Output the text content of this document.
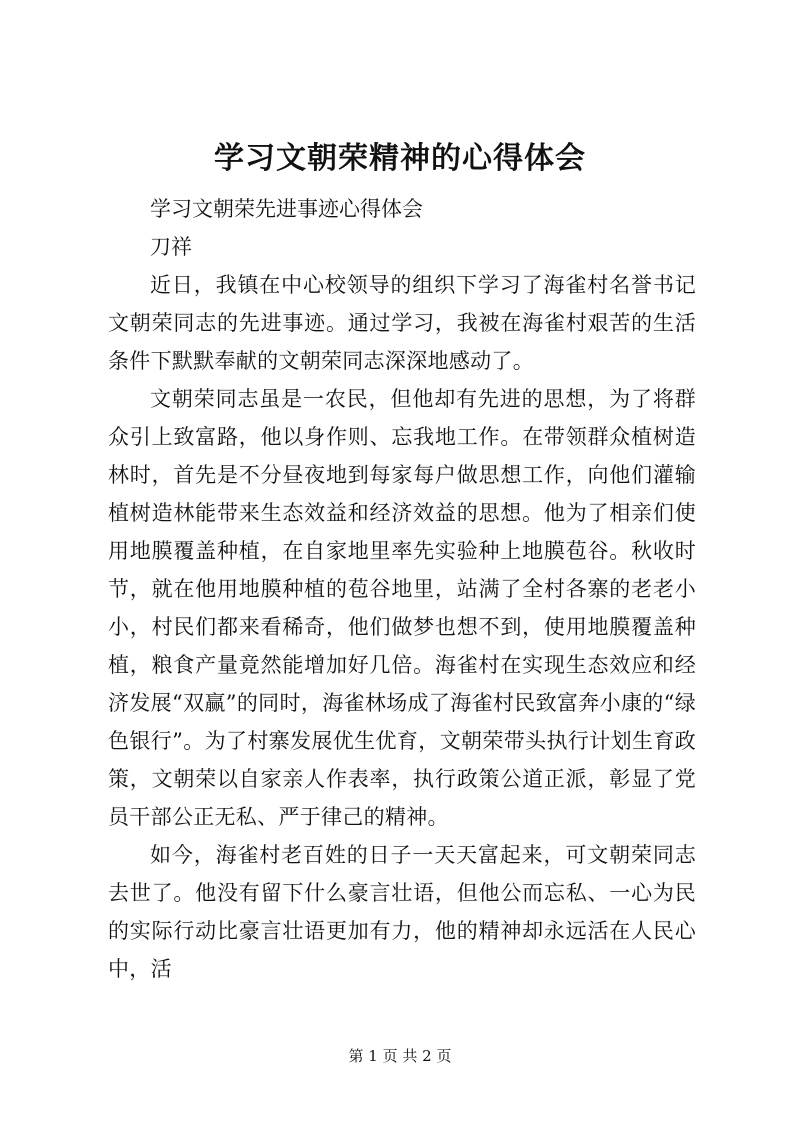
学习文朝荣精神的心得体会

学习文朝荣先进事迹心得体会

刀祥

近日，我镇在中心校领导的组织下学习了海雀村名誉书记文朝荣同志的先进事迹。通过学习，我被在海雀村艰苦的生活条件下默默奉献的文朝荣同志深深地感动了。

文朝荣同志虽是一农民，但他却有先进的思想，为了将群众引上致富路，他以身作则、忘我地工作。在带领群众植树造林时，首先是不分昼夜地到每家每户做思想工作，向他们灌输植树造林能带来生态效益和经济效益的思想。他为了相亲们使用地膜覆盖种植，在自家地里率先实验种上地膜苞谷。秋收时节，就在他用地膜种植的苞谷地里，站满了全村各寨的老老小小，村民们都来看稀奇，他们做梦也想不到，使用地膜覆盖种植，粮食产量竟然能增加好几倍。海雀村在实现生态效应和经济发展“双赢”的同时，海雀林场成了海雀村民致富奔小康的“绿色银行”。为了村寨发展优生优育，文朝荣带头执行计划生育政策，文朝荣以自家亲人作表率，执行政策公道正派，彰显了党员干部公正无私、严于律己的精神。

如今，海雀村老百姓的日子一天天富起来，可文朝荣同志去世了。他没有留下什么豪言壮语，但他公而忘私、一心为民的实际行动比豪言壮语更加有力，他的精神却永远活在人民心中，活

第 1 页 共 2 页
